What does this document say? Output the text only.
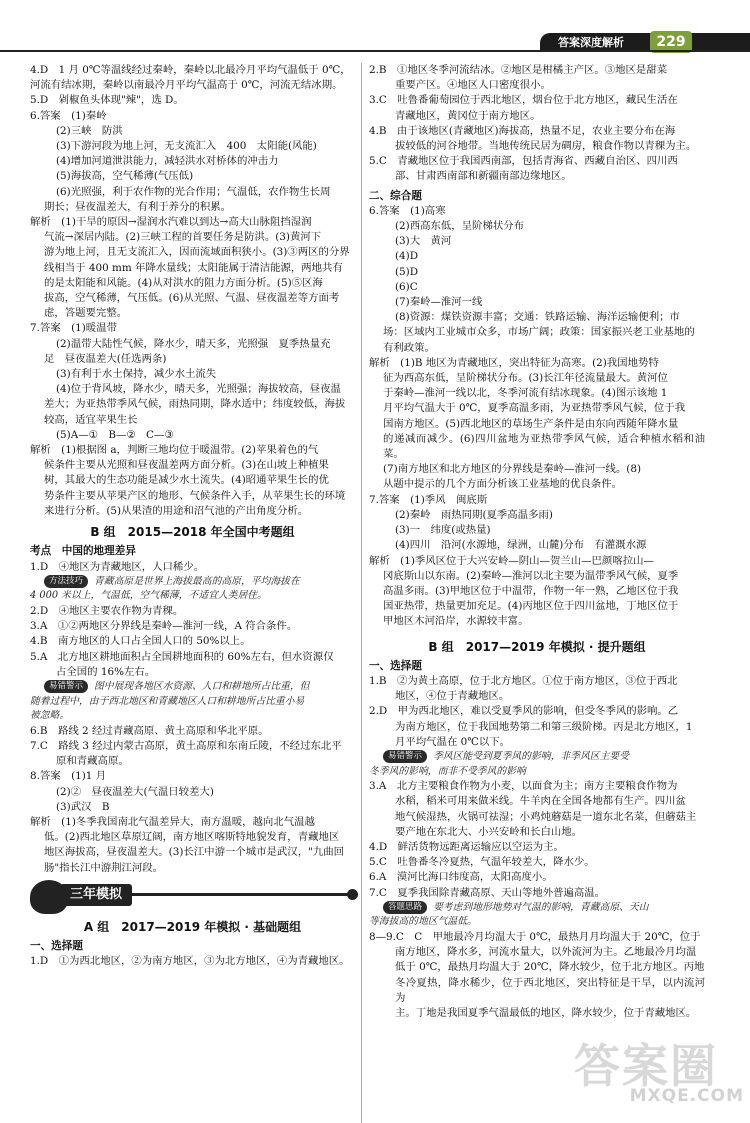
答案深度解析	229
4.D　1 月 0℃等温线经过秦岭，秦岭以北最冷月平均气温低于 0℃，
河流有结冰期，秦岭以南最冷月平均气温高于 0℃，河流无结冰期。
5.D　剁椒鱼头体现"辣"，选 D。
6.答案　(1)秦岭
(2)三峡　防洪
(3)下游河段为地上河，无支流汇入　400　太阳能(风能)
(4)增加河道泄洪能力，减轻洪水对桥体的冲击力
(5)海拔高，空气稀薄(气压低)
(6)光照强，利于农作物的光合作用；气温低，农作物生长周
期长；昼夜温差大，有利于养分的积累。
解析　(1)干旱的原因→湿润水汽难以到达→高大山脉阻挡湿润
气流→深居内陆。(2)三峡工程的首要任务是防洪。(3)黄河下
游为地上河，且无支流汇入，因而流域面积狭小。(3)③两区的分界
线相当于 400 mm 年降水量线；太阳能属于清洁能源，两地共有
的是太阳能和风能。(4)从对洪水的阻力方面分析。(5)⑤区海
拔高，空气稀薄，气压低。(6)从光照、气温、昼夜温差等方面考
虑，答题要完整。
7.答案　(1)暖温带
(2)温带大陆性气候，降水少，晴天多，光照强　夏季热量充
足　昼夜温差大(任选两条)
(3)有利于水土保持，减少水土流失
(4)位于背风坡，降水少，晴天多，光照强；海拔较高，昼夜温
差大；为亚热带季风气候，雨热同期，降水适中；纬度较低，海拔
较高，适宜苹果生长
(5)A—①　B—②　C—③
解析　(1)根据图 a，判断三地均位于暖温带。(2)苹果着色的气
候条件主要从光照和昼夜温差两方面分析。(3)在山坡上种植果
树，其最大的生态功能是减少水土流失。(4)昭通苹果生长的优
势条件主要从苹果产区的地形、气候条件入手，从苹果生长的环境
来进行分析。(5)从果渣的用途和沼气池的产出角度分析。
B 组　2015—2018 年全国中考题组
考点　中国的地理差异
1.D　④地区为青藏地区，人口稀少。
方法技巧 青藏高原是世界上海拔最高的高原，平均海拔在
4 000 米以上，气温低，空气稀薄，不适宜人类居住。
2.D　④地区主要农作物为青稞。
3.A　①②两地区分界线是秦岭—淮河一线，A 符合条件。
4.B　南方地区的人口占全国人口的 50%以上。
5.A　北方地区耕地面积占全国耕地面积的 60%左右，但水资源仅
占全国的 16%左右。
易错警示 图中展现各地区水资源、人口和耕地所占比重，但
随着过程中，由于西北地区和青藏地区人口和耕地所占比重小易
被忽略。
6.B　路线 2 经过青藏高原、黄土高原和华北平原。
7.C　路线 3 经过内蒙古高原，黄土高原和东南丘陵，不经过东北平
原和青藏高原。
8.答案　(1)1 月
(2)②　昼夜温差大(气温日较差大)
(3)武汉　B
解析　(1)冬季我国南北气温差异大，南方温暖，越向北气温越
低。(2)西北地区草原辽阔，南方地区喀斯特地貌发育，青藏地区
地区海拔高，昼夜温差大。(3)长江中游一个城市是武汉，"九曲回
肠"指长江中游荆江河段。
三年模拟
A 组　2017—2019 年模拟 · 基础题组
一、选择题
1.D　①为西北地区，②为南方地区，③为北方地区，④为青藏地区。
2.B　①地区冬季河流结冰。②地区是柑橘主产区。③地区是甜菜
重要产区。④地区人口密度很小。
3.C　吐鲁番葡萄园位于西北地区，烟台位于北方地区，藏民生活在
青藏地区，黄冈位于南方地区。
4.B　由于该地区(青藏地区)海拔高，热量不足，农业主要分布在海
拔较低的河谷地带。当地传统民居为碉房，粮食作物以青稞为主。
5.C　青藏地区位于我国西南部，包括青海省、西藏自治区、四川西
部、甘肃西南部和新疆南部边缘地区。
二、综合题
6.答案　(1)高寒
(2)西高东低，呈阶梯状分布
(3)大　黄河
(4)D
(5)D
(6)C
(7)秦岭—淮河一线
(8)资源：煤铁资源丰富；交通：铁路运输、海洋运输便利；市
场：区域内工业城市众多，市场广阔；政策：国家振兴老工业基地的
有利政策。
解析　(1)B 地区为青藏地区，突出特征为高寒。(2)我国地势特
征为西高东低，呈阶梯状分布。(3)长江年径流量最大。黄河位
于秦岭—淮河一线以北，冬季河流有结冰现象。(4)图示该地 1
月平均气温大于 0℃，夏季高温多雨，为亚热带季风气候，位于我
国南方地区。(5)西北地区的草场生产条件是由东向西随年降水量
的递减而减少。(6)四川盆地为亚热带季风气候，适合种植水稻和油菜。
(7)南方地区和北方地区的分界线是秦岭—淮河一线。(8)
从题中提示的几个方面分析该工业基地的优良条件。
7.答案　(1)季风　闽底斯
(2)秦岭　雨热同期(夏季高温多雨)
(3)一　纬度(或热量)
(4)四川　沿河(水源地，绿洲，山麓)分布　有灌溉水源
解析　(1)季风区位于大兴安岭—阴山—贺兰山—巴颜喀拉山—
冈底斯山以东南。(2)秦岭—淮河以北主要为温带季风气候，夏季
高温多雨。(3)甲地区位于中温带，作物一年一熟，乙地区位于我
国亚热带，热量更加充足。(4)丙地区位于四川盆地，丁地区位于
甲地区木河沿岸，水源较丰富。
B 组　2017—2019 年模拟 · 提升题组
一、选择题
1.B　②为黄土高原，位于北方地区。①位于南方地区，③位于西北
地区，④位于青藏地区。
2.D　甲为西北地区，难以受夏季风的影响，但受冬季风的影响。乙
为南方地区，位于我国地势第二和第三级阶梯。丙是北方地区，1
月平均气温在 0℃以下。
易错警示 季风区能受到夏季风的影响，非季风区主要受
冬季风的影响，而非不受季风的影响
3.A　北方主要粮食作物为小麦，以面食为主；南方主要粮食作物为
水稻，稻米可用来做米线。牛羊肉在全国各地都有生产。四川盆
地气候湿热，火锅可祛湿；小鸡炖蘑菇是一道东北名菜，但蘑菇主
要产地在东北大、小兴安岭和长白山地。
4.D　鲜活货物远距离运输应以空运为主。
5.C　吐鲁番冬冷夏热，气温年较差大，降水少。
6.A　漠河比海口纬度高，太阳高度小。
7.C　夏季我国除青藏高原、天山等地外普遍高温。
答题思路 要考虑到地形地势对气温的影响，青藏高原、天山
等海拔高的地区气温低。
8—9.C　C　甲地最冷月均温大于 0℃，最热月月均温大于 20℃，位于
南方地区，降水多，河流水量大，以外流河为主。乙地最冷月均温
低于 0℃，最热月均温大于 20℃，降水较少，位于北方地区。丙地
冬冷夏热，降水稀少，位于西北地区，突出特征是干旱，以内流河为
主。丁地是我国夏季气温最低的地区，降水较少，位于青藏地区。
答案圈
MXQE.COM
